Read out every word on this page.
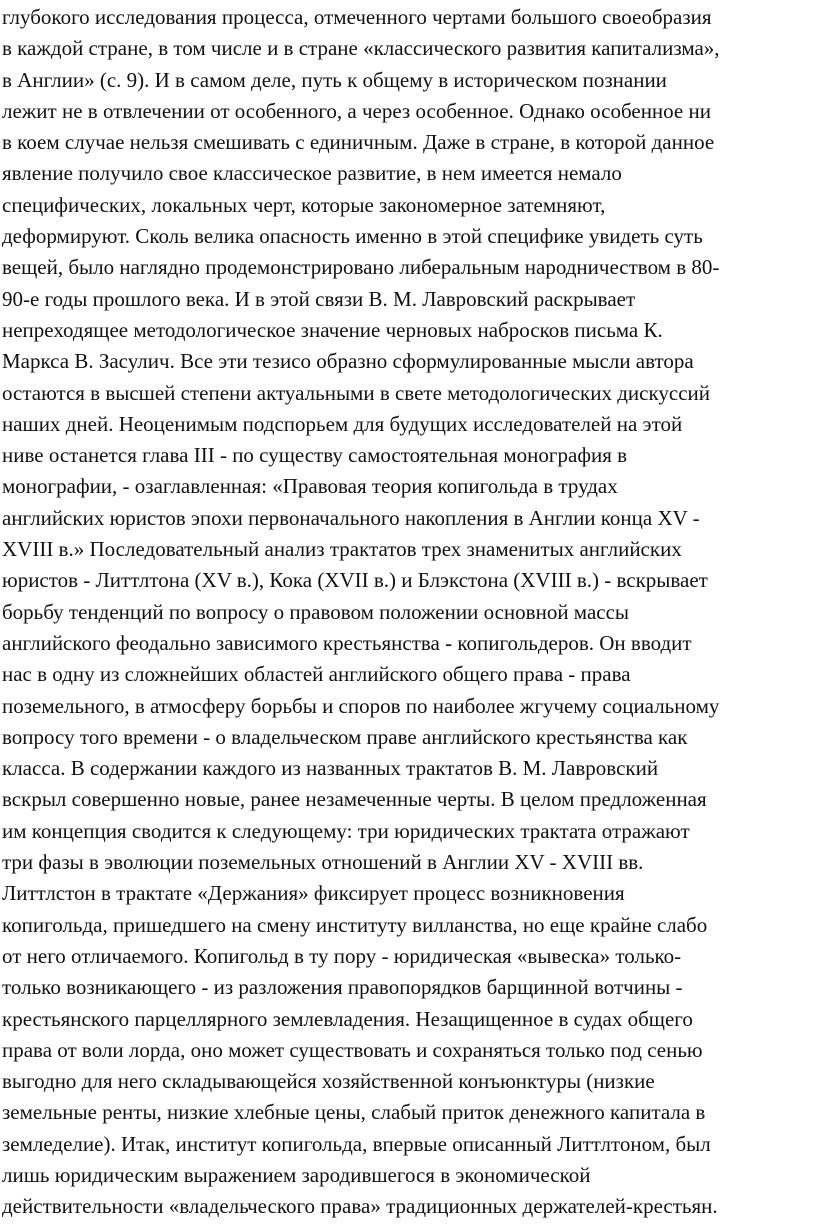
глубокого исследования процесса, отмеченного чертами большого своеобразия
в каждой стране, в том числе и в стране «классического развития капитализма»,
в Англии» (с. 9). И в самом деле, путь к общему в историческом познании
лежит не в отвлечении от особенного, а через особенное. Однако особенное ни
в коем случае нельзя смешивать с единичным. Даже в стране, в которой данное
явление получило свое классическое развитие, в нем имеется немало
специфических, локальных черт, которые закономерное затемняют,
деформируют. Сколь велика опасность именно в этой специфике увидеть суть
вещей, было наглядно продемонстрировано либеральным народничеством в 80-
90-е годы прошлого века. И в этой связи В. М. Лавровский раскрывает
непреходящее методологическое значение черновых набросков письма К.
Маркса В. Засулич. Все эти тезисо образно сформулированные мысли автора
остаются в высшей степени актуальными в свете методологических дискуссий
наших дней. Неоценимым подспорьем для будущих исследователей на этой
ниве останется глава III - по существу самостоятельная монография в
монографии, - озаглавленная: «Правовая теория копигольда в трудах
английских юристов эпохи первоначального накопления в Англии конца XV -
XVIII в.» Последовательный анализ трактатов трех знаменитых английских
юристов - Литтлтона (XV в.), Кока (XVII в.) и Блэкстона (XVIII в.) - вскрывает
борьбу тенденций по вопросу о правовом положении основной массы
английского феодально зависимого крестьянства - копигольдеров. Он вводит
нас в одну из сложнейших областей английского общего права - права
поземельного, в атмосферу борьбы и споров по наиболее жгучему социальному
вопросу того времени - о владельческом праве английского крестьянства как
класса. В содержании каждого из названных трактатов В. М. Лавровский
вскрыл совершенно новые, ранее незамеченные черты. В целом предложенная
им концепция сводится к следующему: три юридических трактата отражают
три фазы в эволюции поземельных отношений в Англии XV - XVIII вв.
Литтлстон в трактате «Держания» фиксирует процесс возникновения
копигольда, пришедшего на смену институту вилланства, но еще крайне слабо
от него отличаемого. Копигольд в ту пору - юридическая «вывеска» только-
только возникающего - из разложения правопорядков барщинной вотчины -
крестьянского парцеллярного землевладения. Незащищенное в судах общего
права от воли лорда, оно может существовать и сохраняться только под сенью
выгодно для него складывающейся хозяйственной конъюнктуры (низкие
земельные ренты, низкие хлебные цены, слабый приток денежного капитала в
земледелие). Итак, институт копигольда, впервые описанный Литтлтоном, был
лишь юридическим выражением зародившегося в экономической
действительности «владельческого права» традиционных держателей-крестьян.
